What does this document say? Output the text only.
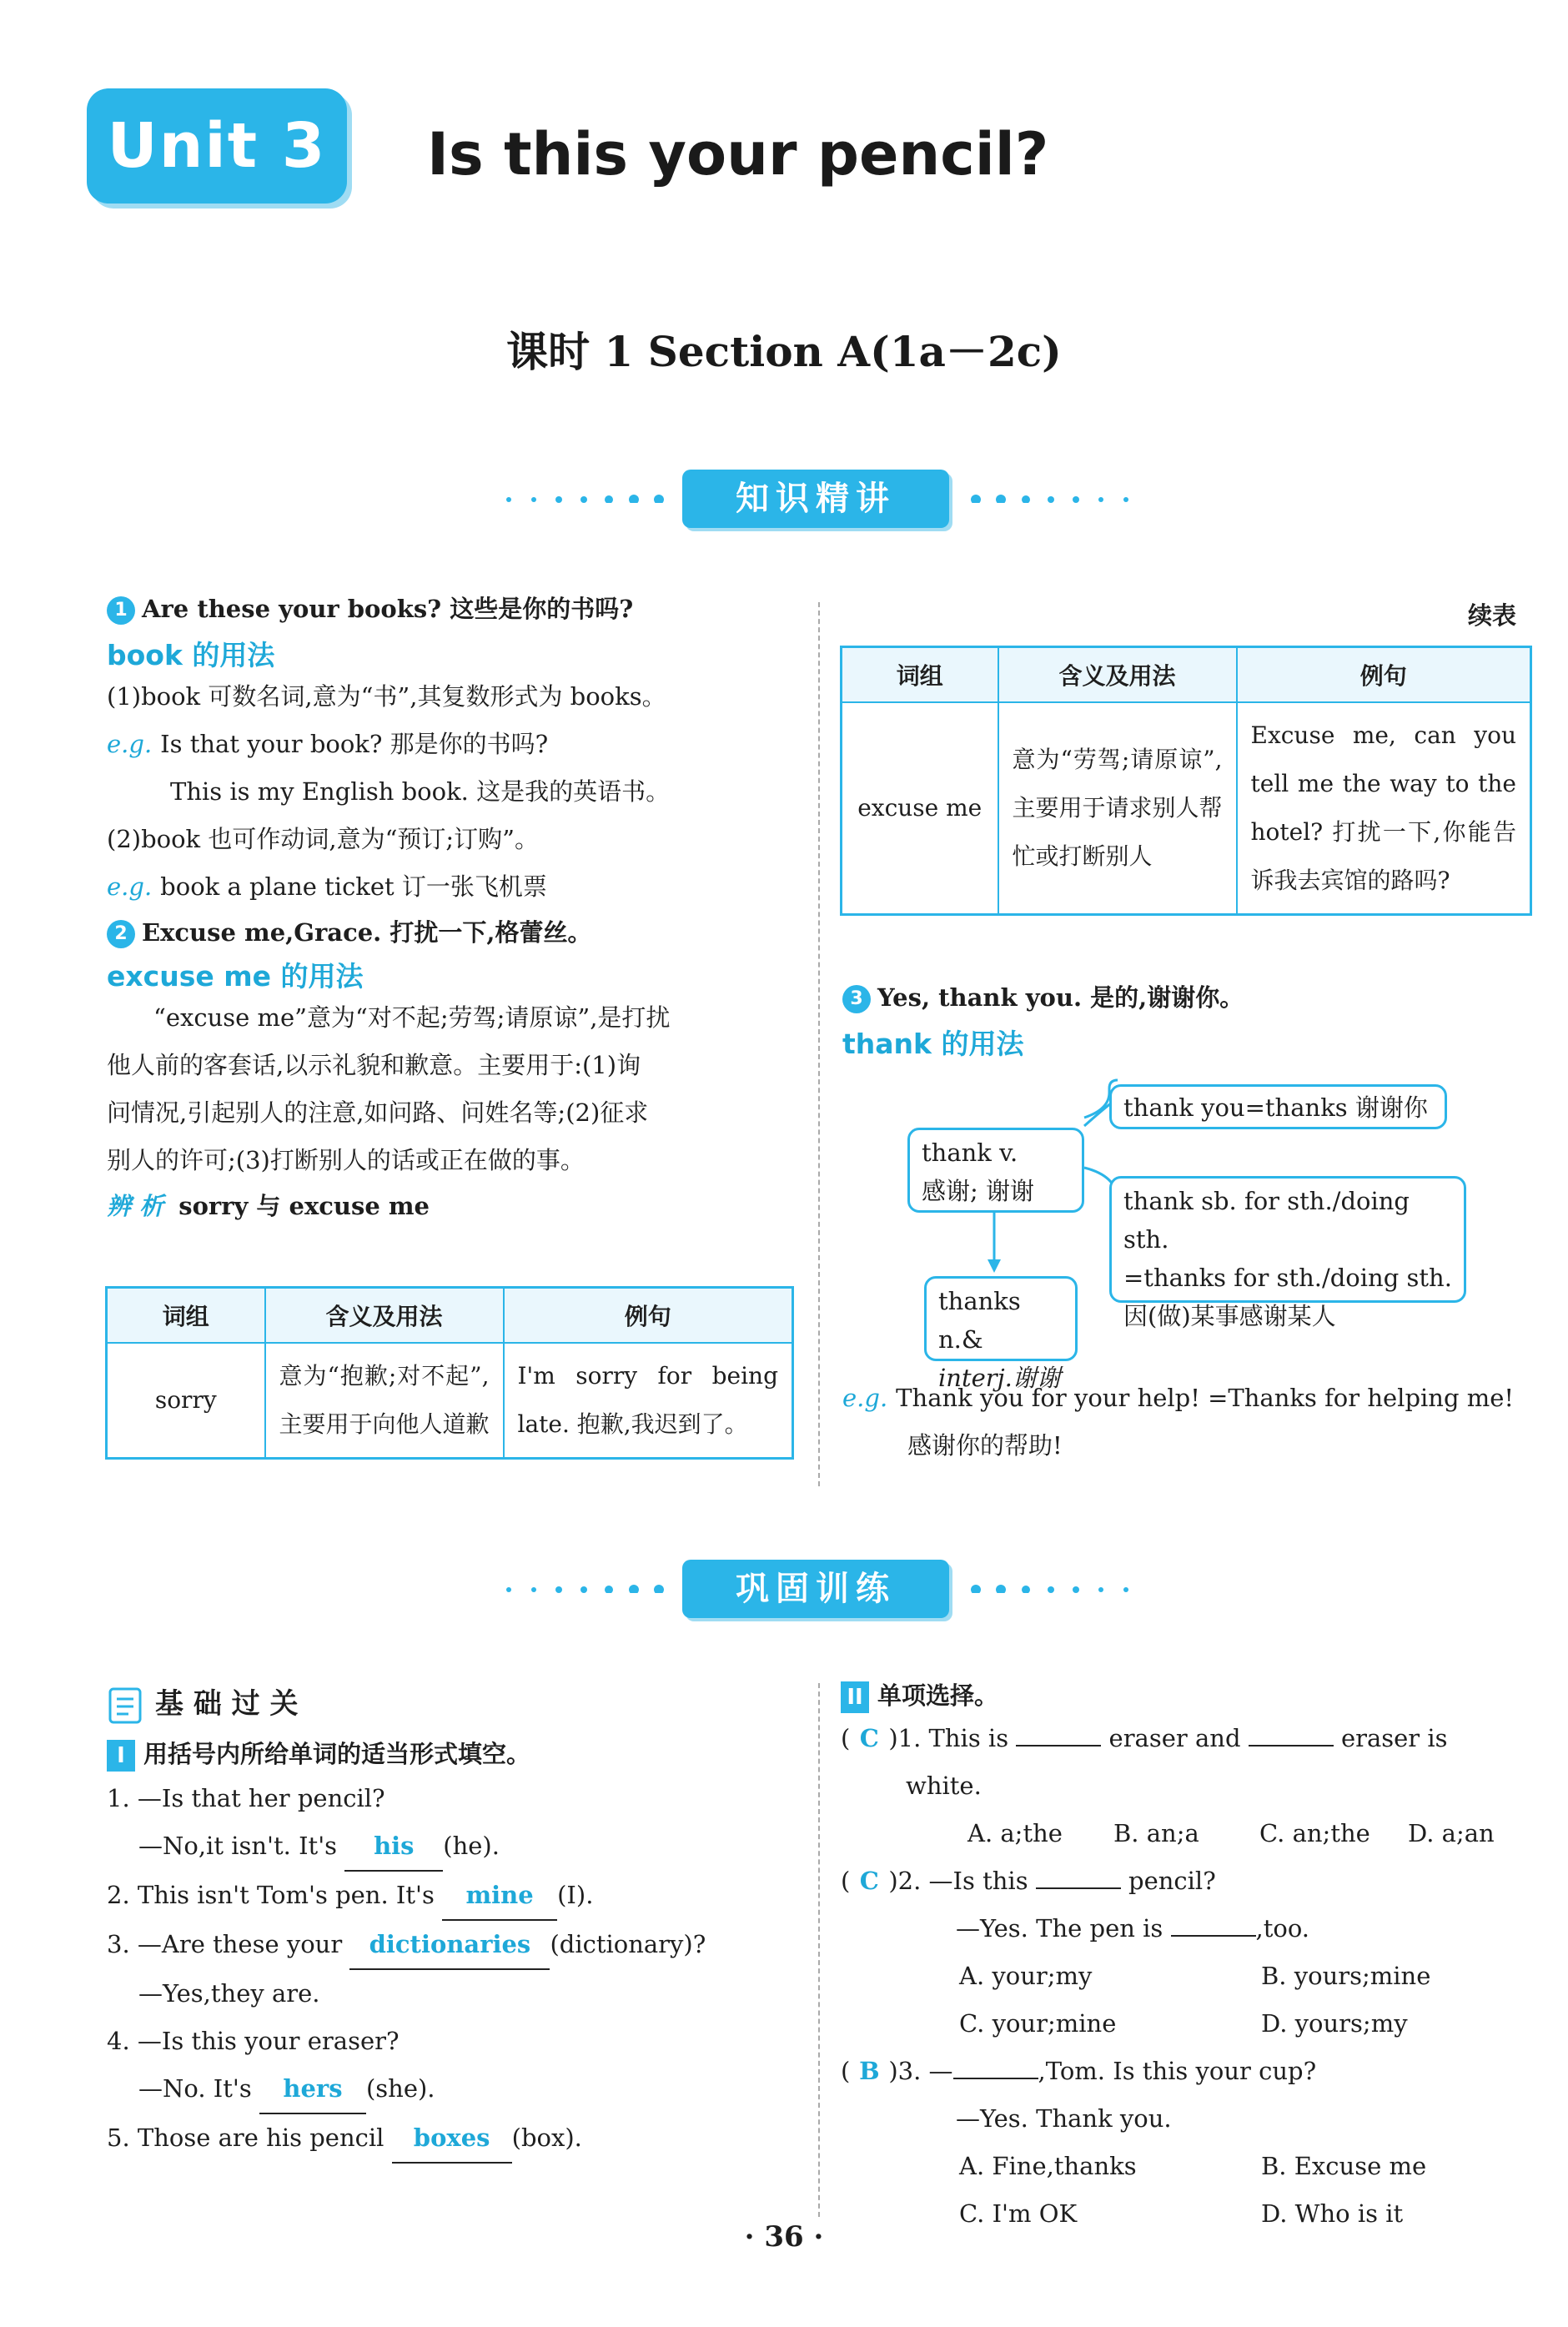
Unit 3	Is this your pencil?
课时 1 Section A(1a－2c)
知识精讲
1 Are these your books? 这些是你的书吗?
book 的用法
(1)book 可数名词,意为“书”,其复数形式为 books。
e.g. Is that your book? 那是你的书吗?
This is my English book. 这是我的英语书。
(2)book 也可作动词,意为“预订;订购”。
e.g. book a plane ticket 订一张飞机票
2 Excuse me,Grace. 打扰一下,格蕾丝。
excuse me 的用法
“excuse me”意为“对不起;劳驾;请原谅”,是打扰
他人前的客套话,以示礼貌和歉意。主要用于:(1)询
问情况,引起别人的注意,如问路、问姓名等;(2)征求
别人的许可;(3)打断别人的话或正在做的事。
辨 析 sorry 与 excuse me
词组	含义及用法	例句
sorry	意为“抱歉;对不起”,主要用于向他人道歉	I'm sorry for being late. 抱歉,我迟到了。
续表
词组	含义及用法	例句
excuse me	意为“劳驾;请原谅”,主要用于请求别人帮忙或打断别人	Excuse me, can you tell me the way to the hotel? 打扰一下,你能告诉我去宾馆的路吗?
3 Yes, thank you. 是的,谢谢你。
thank 的用法
thank v.
感谢; 谢谢
thank you=thanks 谢谢你
thank sb. for sth./doing sth.
=thanks for sth./doing sth.
因(做)某事感谢某人
thanks n.&
interj.谢谢
e.g. Thank you for your help! =Thanks for helping me!
感谢你的帮助!
巩固训练
基 础 过 关
I 用括号内所给单词的适当形式填空。
1. —Is that her pencil?
—No,it isn't. It's his (he).
2. This isn't Tom's pen. It's mine (I).
3. —Are these your dictionaries (dictionary)?
—Yes,they are.
4. —Is this your eraser?
—No. It's hers (she).
5. Those are his pencil boxes (box).
II 单项选择。
( C )1. This is	eraser and	eraser is
white.
A. a;the	B. an;a	C. an;the	D. a;an
( C )2. —Is this	pencil?
—Yes. The pen is	,too.
A. your;my	B. yours;mine
C. your;mine	D. yours;my
( B )3. —	,Tom. Is this your cup?
—Yes. Thank you.
A. Fine,thanks	B. Excuse me
C. I'm OK	D. Who is it
· 36 ·
